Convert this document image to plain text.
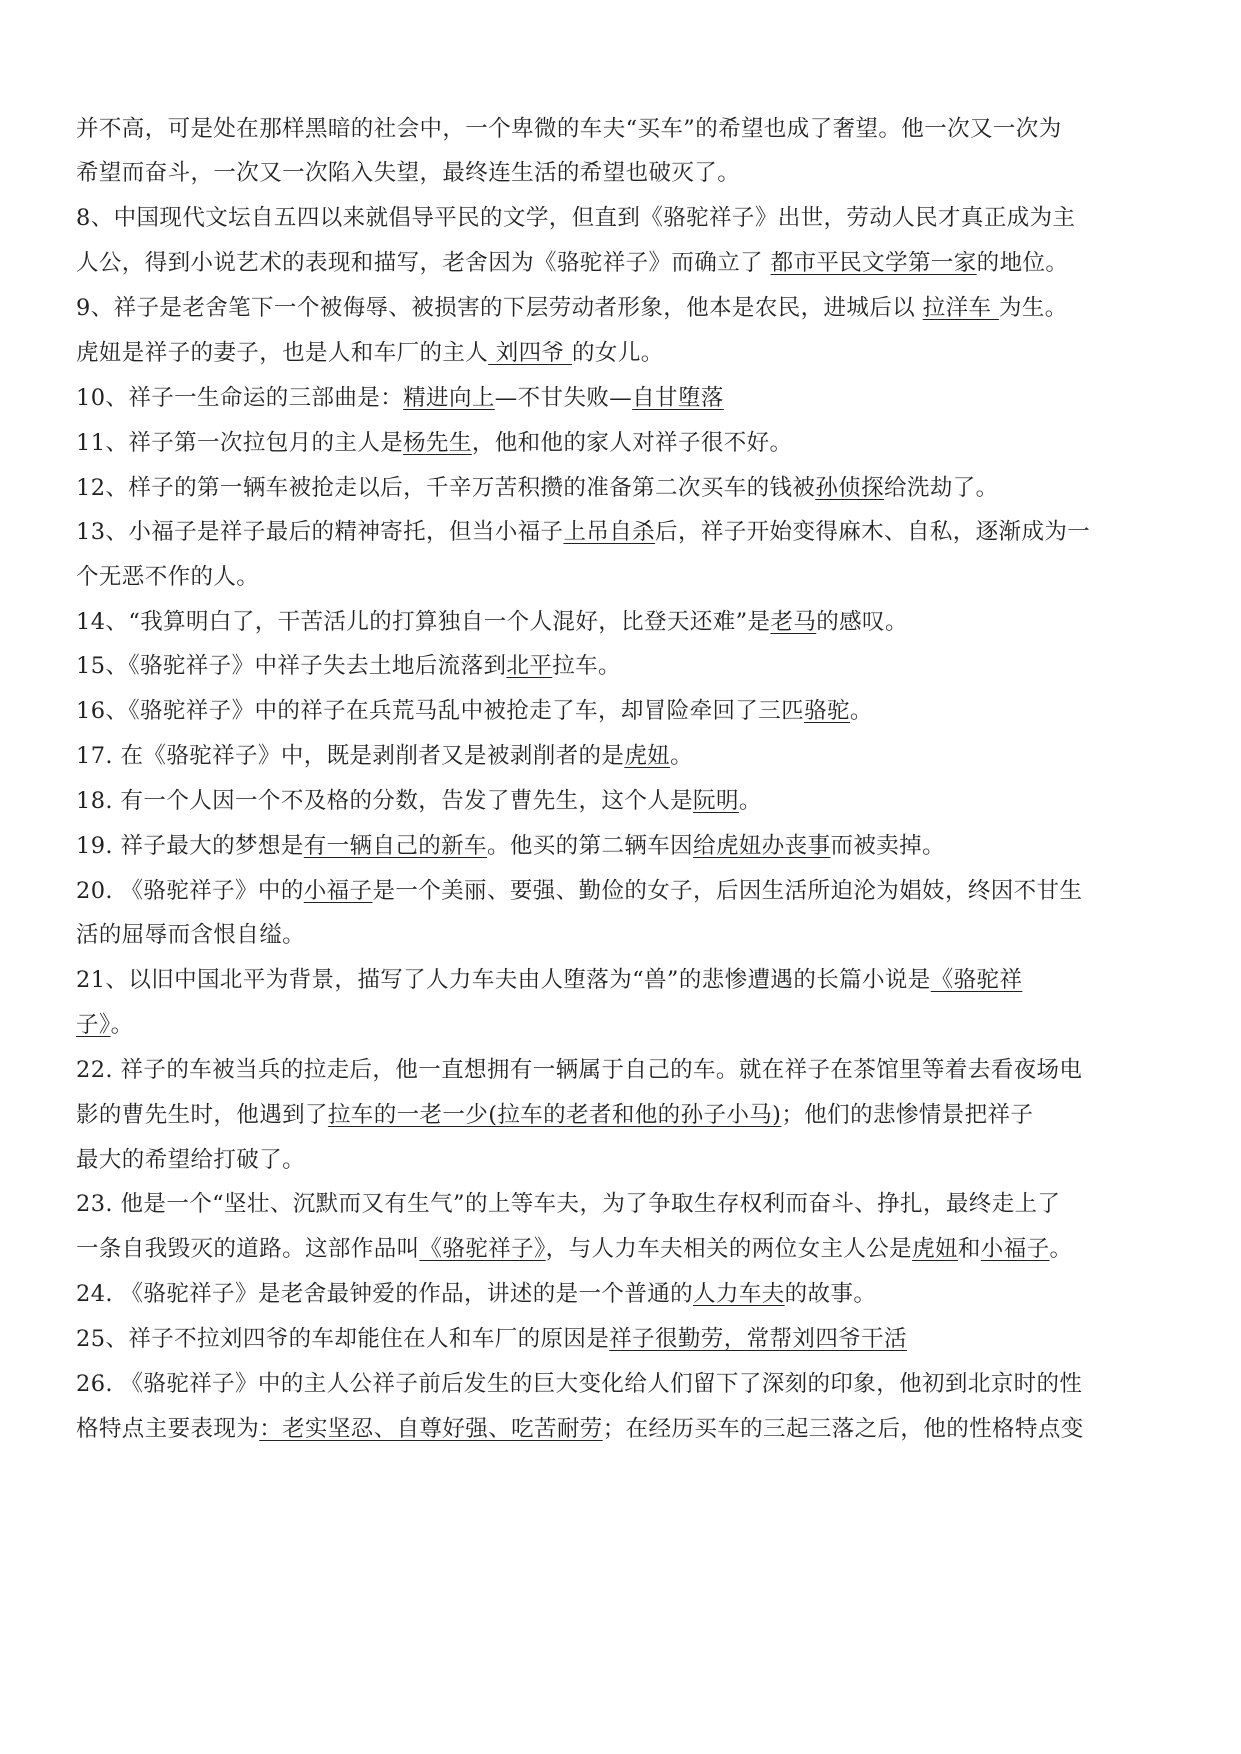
并不高，可是处在那样黑暗的社会中，一个卑微的车夫“买车”的希望也成了奢望。他一次又一次为
希望而奋斗，一次又一次陷入失望，最终连生活的希望也破灭了。
8、中国现代文坛自五四以来就倡导平民的文学，但直到《骆驼祥子》出世，劳动人民才真正成为主
人公，得到小说艺术的表现和描写，老舍因为《骆驼祥子》而确立了 都市平民文学第一家的地位。
9、祥子是老舍笔下一个被侮辱、被损害的下层劳动者形象，他本是农民，进城后以 拉洋车 为生。
虎妞是祥子的妻子，也是人和车厂的主人 刘四爷 的女儿。
10、祥子一生命运的三部曲是：精进向上—不甘失败—自甘堕落
11、祥子第一次拉包月的主人是杨先生，他和他的家人对祥子很不好。
12、样子的第一辆车被抢走以后，千辛万苦积攒的准备第二次买车的钱被孙侦探给洗劫了。
13、小福子是祥子最后的精神寄托，但当小福子上吊自杀后，祥子开始变得麻木、自私，逐渐成为一
个无恶不作的人。
14、“我算明白了，干苦活儿的打算独自一个人混好，比登天还难”是老马的感叹。
15、《骆驼祥子》中祥子失去土地后流落到北平拉车。
16、《骆驼祥子》中的祥子在兵荒马乱中被抢走了车，却冒险牵回了三匹骆驼。
17. 在《骆驼祥子》中，既是剥削者又是被剥削者的是虎妞。
18. 有一个人因一个不及格的分数，告发了曹先生，这个人是阮明。
19. 祥子最大的梦想是有一辆自己的新车。他买的第二辆车因给虎妞办丧事而被卖掉。
20. 《骆驼祥子》中的小福子是一个美丽、要强、勤俭的女子，后因生活所迫沦为娼妓，终因不甘生
活的屈辱而含恨自缢。
21、以旧中国北平为背景，描写了人力车夫由人堕落为“兽”的悲惨遭遇的长篇小说是《骆驼祥
子》。
22. 祥子的车被当兵的拉走后，他一直想拥有一辆属于自己的车。就在祥子在茶馆里等着去看夜场电
影的曹先生时，他遇到了拉车的一老一少(拉车的老者和他的孙子小马)；他们的悲惨情景把祥子
最大的希望给打破了。
23. 他是一个“坚壮、沉默而又有生气”的上等车夫，为了争取生存权利而奋斗、挣扎，最终走上了
一条自我毁灭的道路。这部作品叫《骆驼祥子》，与人力车夫相关的两位女主人公是虎妞和小福子。
24. 《骆驼祥子》是老舍最钟爱的作品，讲述的是一个普通的人力车夫的故事。
25、祥子不拉刘四爷的车却能住在人和车厂的原因是祥子很勤劳，常帮刘四爷干活
26. 《骆驼祥子》中的主人公祥子前后发生的巨大变化给人们留下了深刻的印象，他初到北京时的性
格特点主要表现为：老实坚忍、自尊好强、吃苦耐劳；在经历买车的三起三落之后，他的性格特点变
